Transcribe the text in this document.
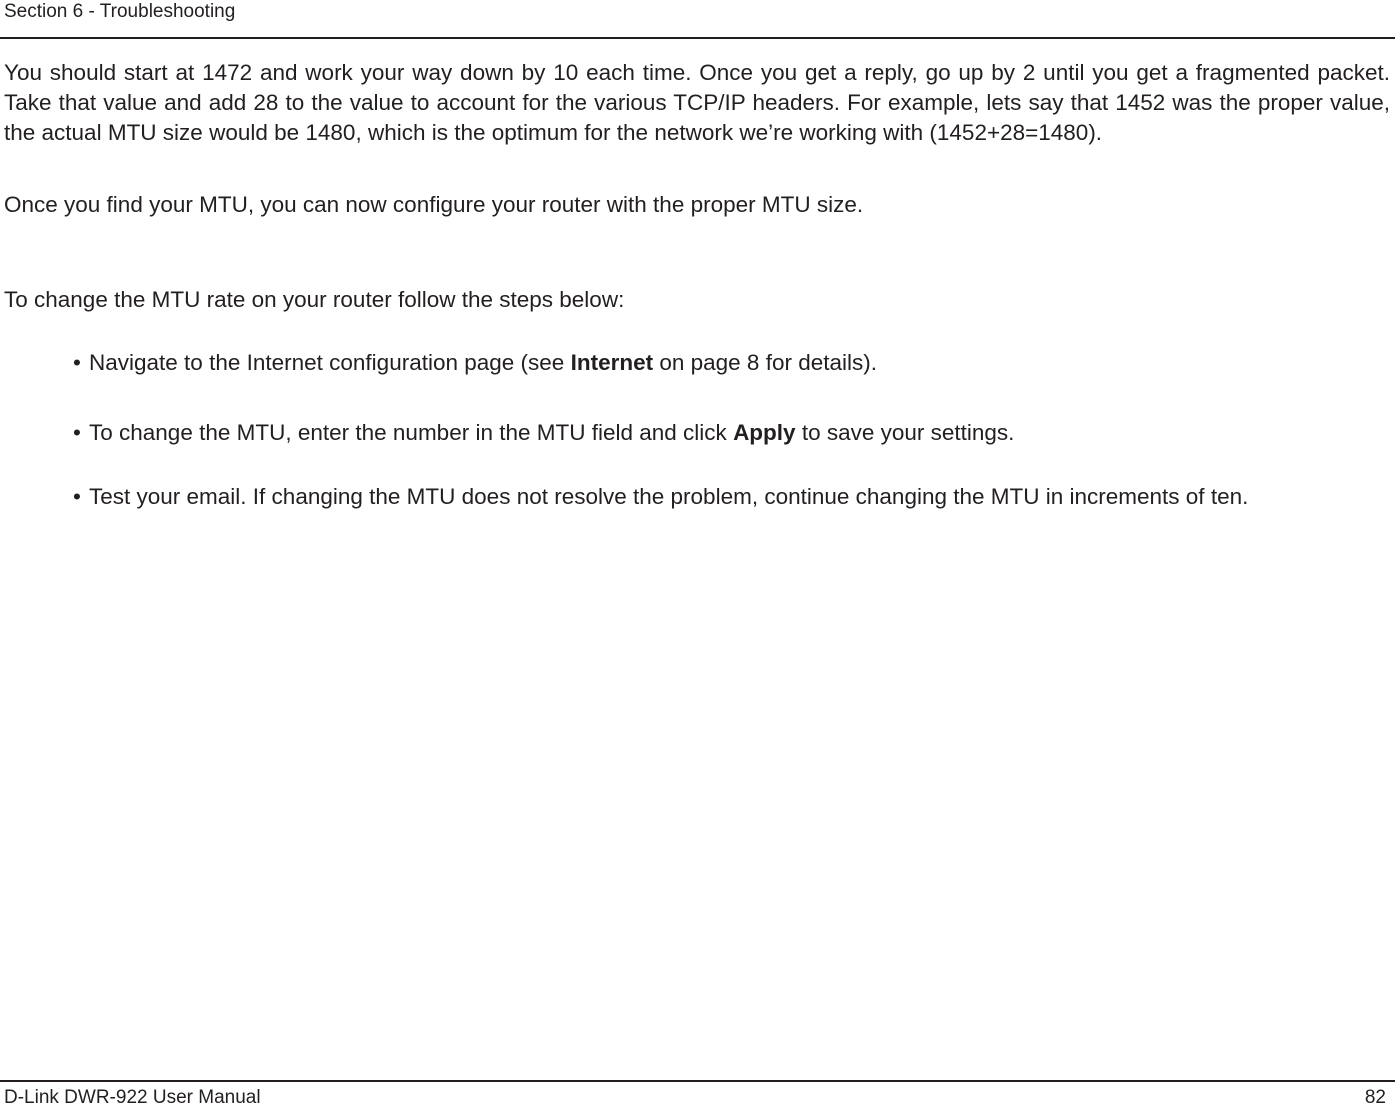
Section 6 - Troubleshooting

You should start at 1472 and work your way down by 10 each time. Once you get a reply, go up by 2 until you get a fragmented packet. Take that value and add 28 to the value to account for the various TCP/IP headers. For example, lets say that 1452 was the proper value, the actual MTU size would be 1480, which is the optimum for the network we’re working with (1452+28=1480).

Once you find your MTU, you can now configure your router with the proper MTU size.

To change the MTU rate on your router follow the steps below:

• Navigate to the Internet configuration page (see Internet on page 8 for details).
• To change the MTU, enter the number in the MTU field and click Apply to save your settings.
• Test your email. If changing the MTU does not resolve the problem, continue changing the MTU in increments of ten.
D-Link DWR-922 User Manual	82
